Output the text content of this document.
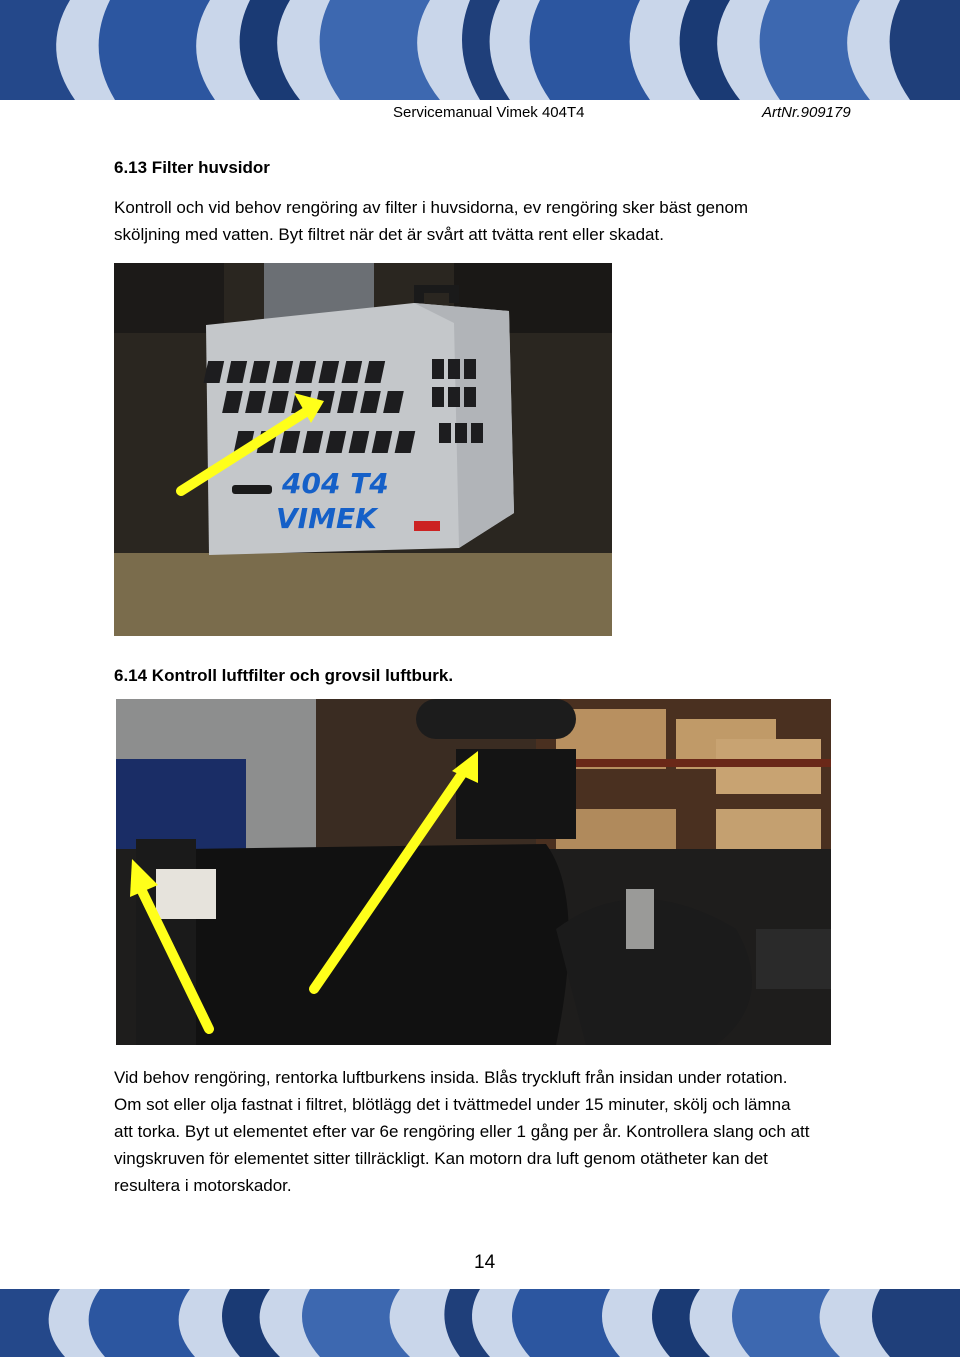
Servicemanual Vimek 404T4	ArtNr.909179
6.13 Filter huvsidor
Kontroll och vid behov rengöring av filter i huvsidorna, ev rengöring sker bäst genom sköljning med vatten. Byt filtret när det är svårt att tvätta rent eller skadat.
404 T4
VIMEK
6.14 Kontroll luftfilter och grovsil luftburk.
Vid behov rengöring, rentorka luftburkens insida. Blås tryckluft från insidan under rotation. Om sot eller olja fastnat i filtret, blötlägg det i tvättmedel under 15 minuter, skölj och lämna att torka. Byt ut elementet efter var 6e rengöring eller 1 gång per år. Kontrollera slang och att vingskruven för elementet sitter tillräckligt. Kan motorn dra luft genom otätheter kan det resultera i motorskador.
14
